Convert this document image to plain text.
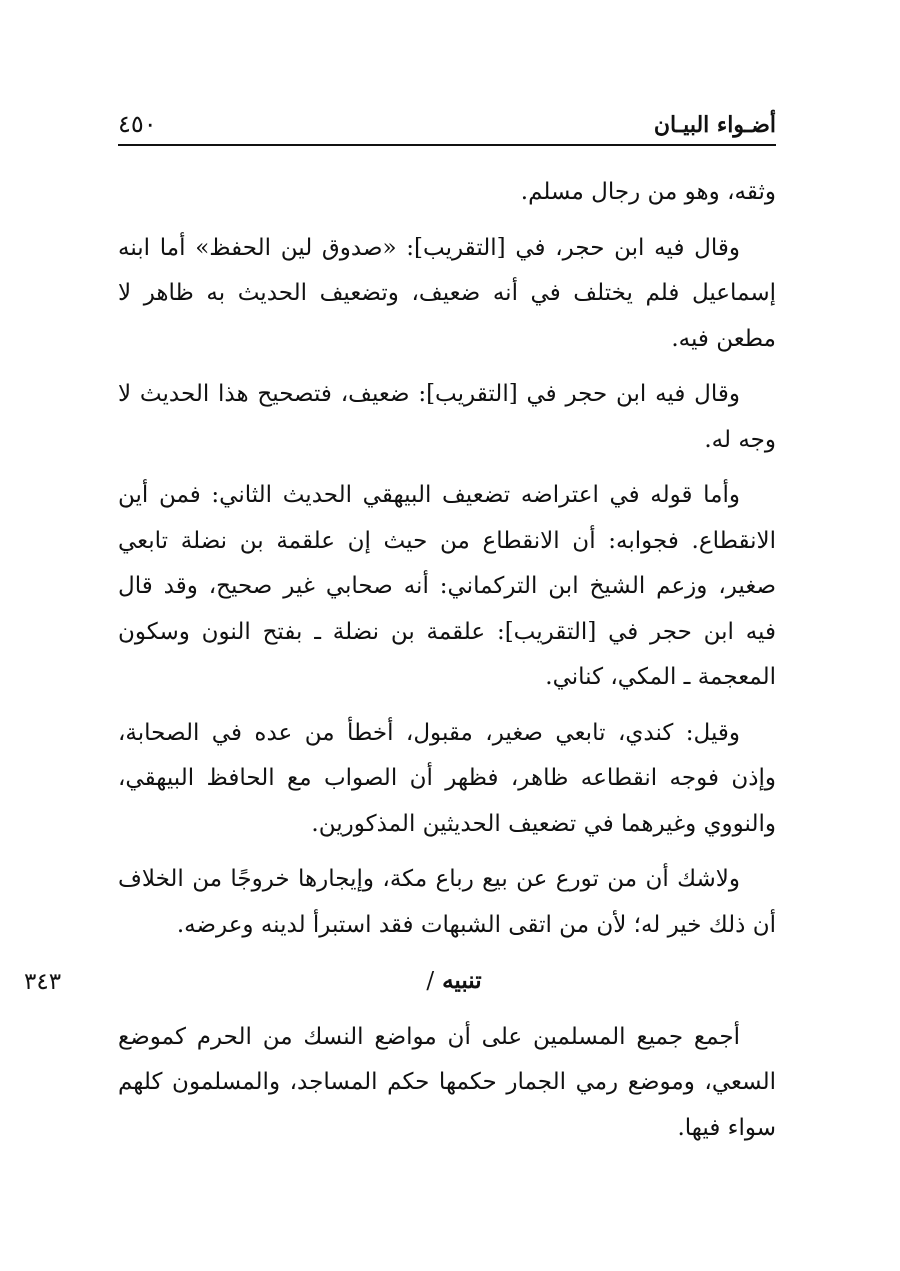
أضـواء البيـان
٤٥٠
٣٤٣

وثقه، وهو من رجال مسلم.

وقال فيه ابن حجر، في [التقريب]: «صدوق لين الحفظ» أما ابنه إسماعيل فلم يختلف في أنه ضعيف، وتضعيف الحديث به ظاهر لا مطعن فيه.

وقال فيه ابن حجر في [التقريب]: ضعيف، فتصحيح هذا الحديث لا وجه له.

وأما قوله في اعتراضه تضعيف البيهقي الحديث الثاني: فمن أين الانقطاع. فجوابه: أن الانقطاع من حيث إن علقمة بن نضلة تابعي صغير، وزعم الشيخ ابن التركماني: أنه صحابي غير صحيح، وقد قال فيه ابن حجر في [التقريب]: علقمة بن نضلة ـ بفتح النون وسكون المعجمة ـ المكي، كناني.

وقيل: كندي، تابعي صغير، مقبول، أخطأ من عده في الصحابة، وإذن فوجه انقطاعه ظاهر، فظهر أن الصواب مع الحافظ البيهقي، والنووي وغيرهما في تضعيف الحديثين المذكورين.

ولاشك أن من تورع عن بيع رباع مكة، وإيجارها خروجًا من الخلاف أن ذلك خير له؛ لأن من اتقى الشبهات فقد استبرأ لدينه وعرضه.

تنبيه /

أجمع جميع المسلمين على أن مواضع النسك من الحرم كموضع السعي، وموضع رمي الجمار حكمها حكم المساجد، والمسلمون كلهم سواء فيها.
